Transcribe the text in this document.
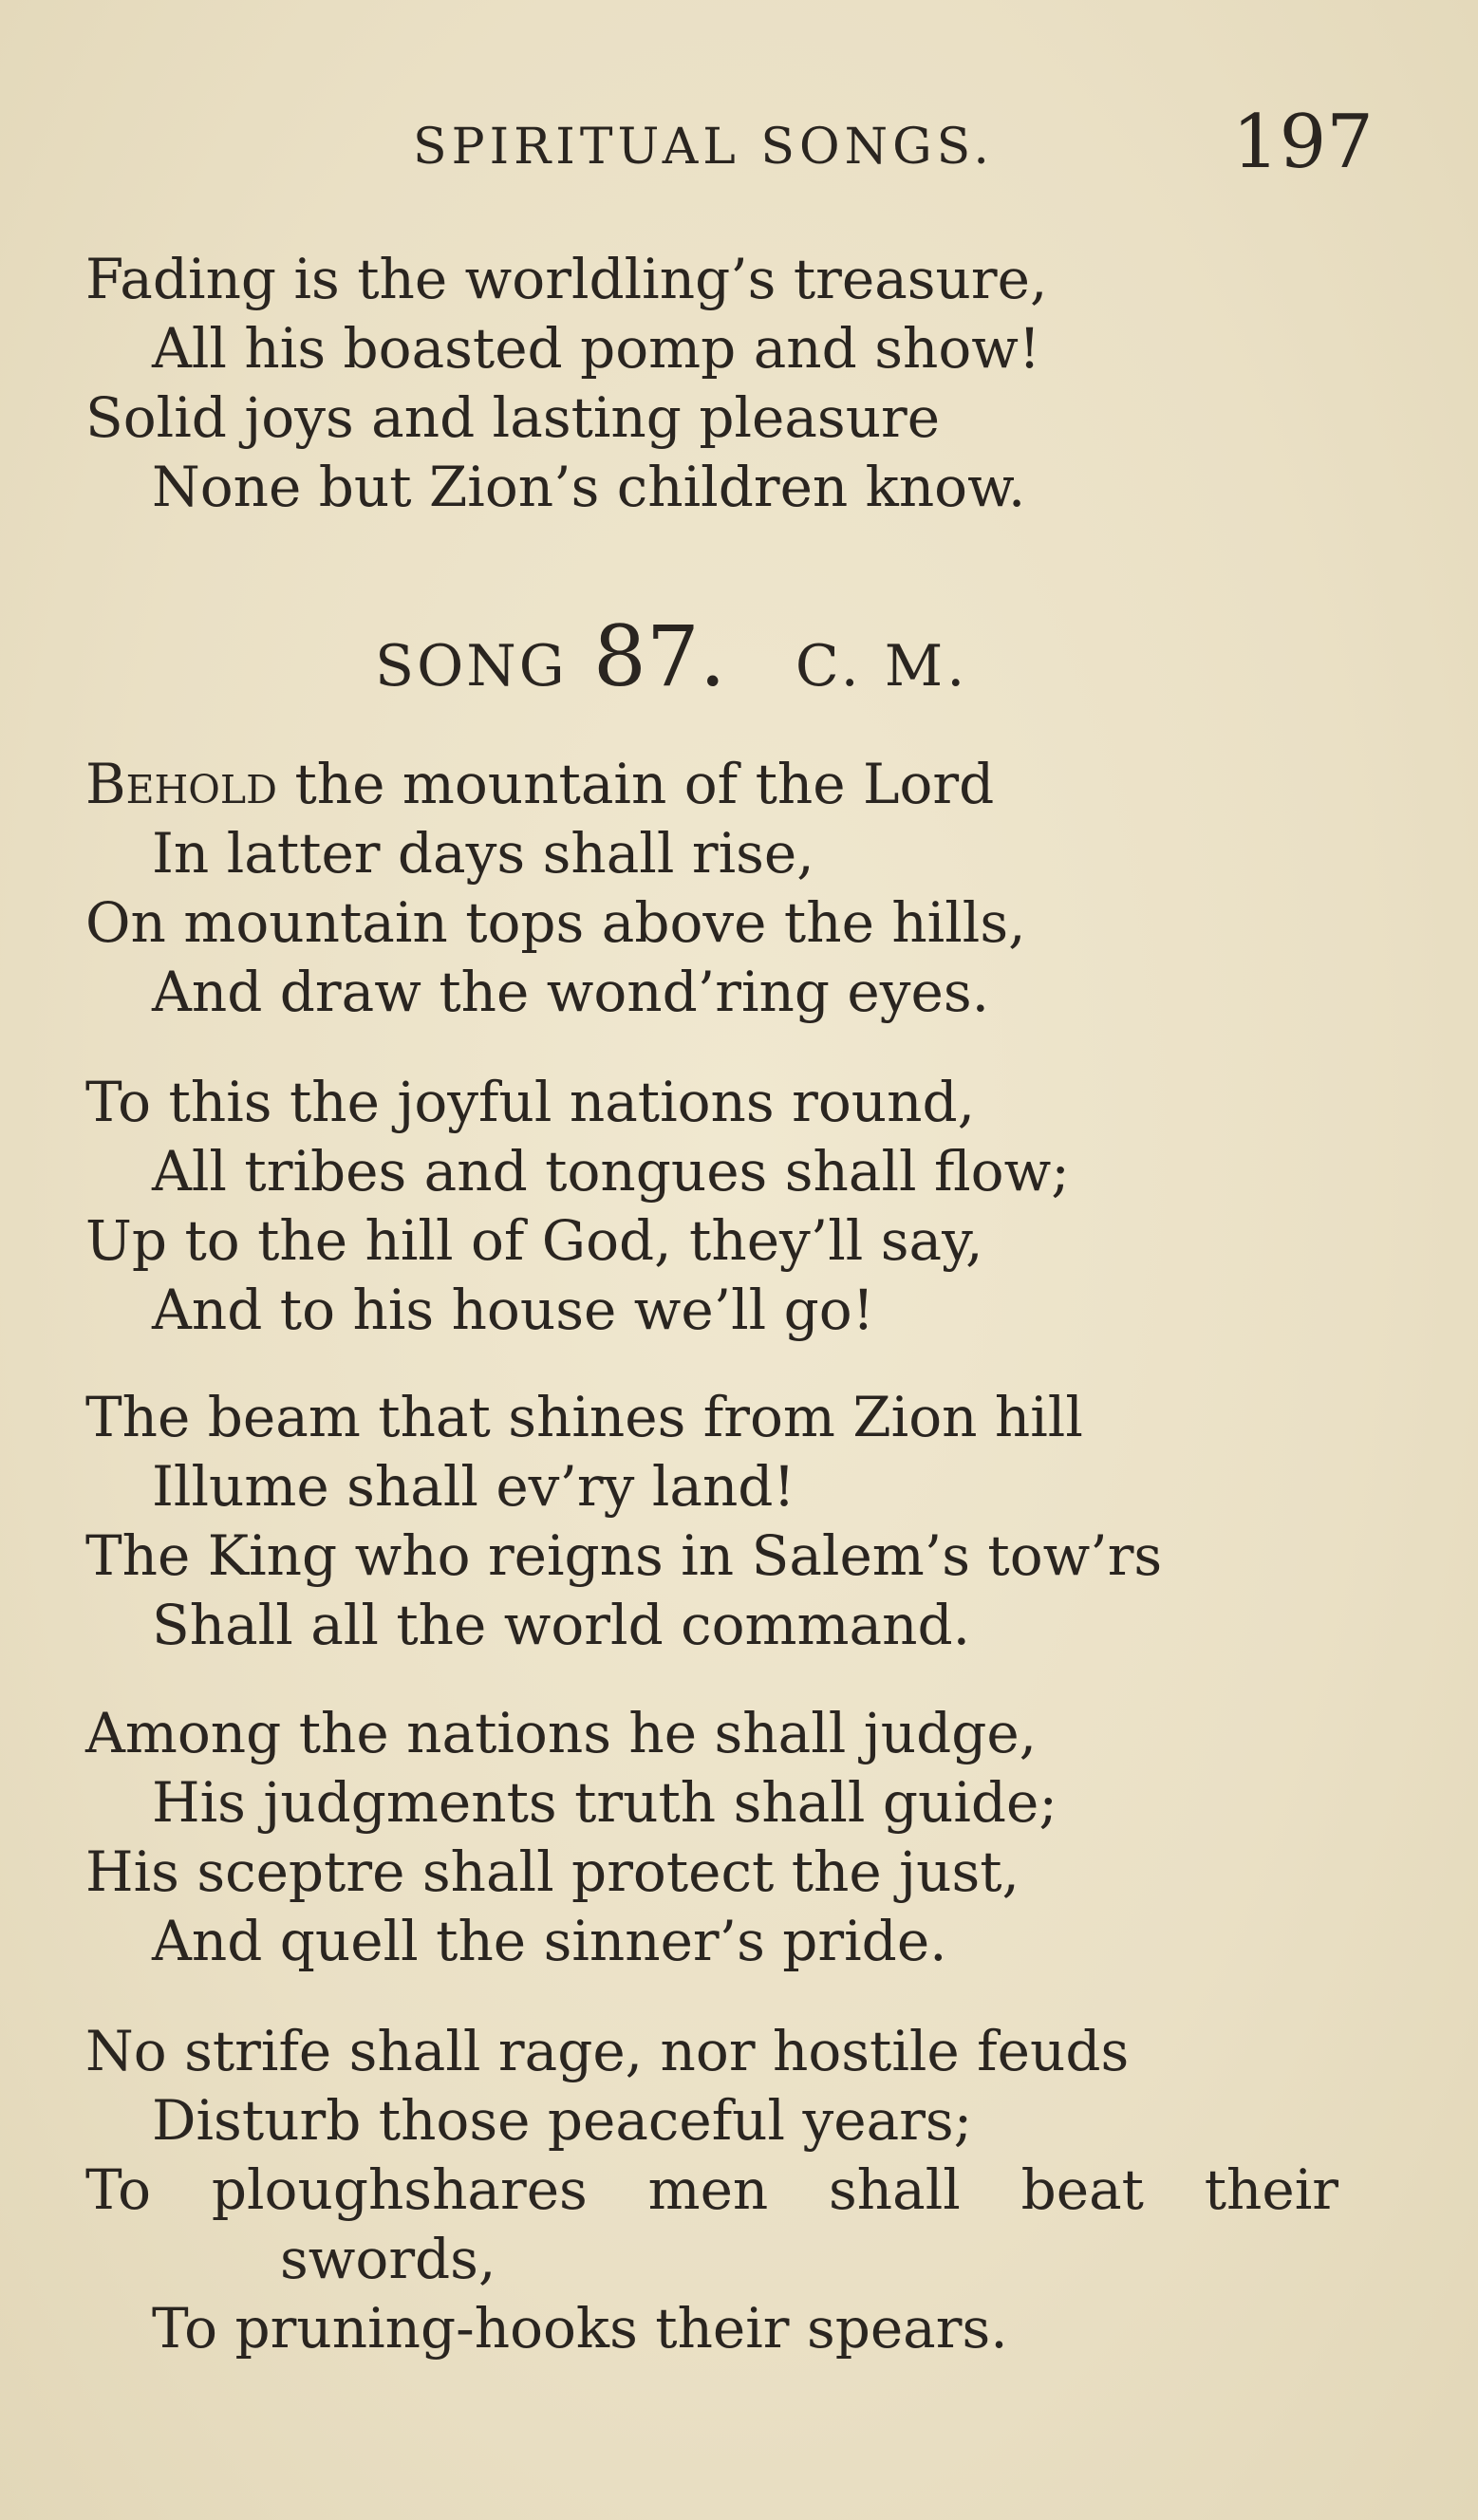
SPIRITUAL SONGS.	197
Fading is the worldling’s treasure,
All his boasted pomp and show!
Solid joys and lasting pleasure
None but Zion’s children know.
SONG 87. C. M.
Behold the mountain of the Lord
In latter days shall rise,
On mountain tops above the hills,
And draw the wond’ring eyes.
To this the joyful nations round,
All tribes and tongues shall flow;
Up to the hill of God, they’ll say,
And to his house we’ll go!
The beam that shines from Zion hill
Illume shall ev’ry land!
The King who reigns in Salem’s tow’rs
Shall all the world command.
Among the nations he shall judge,
His judgments truth shall guide;
His sceptre shall protect the just,
And quell the sinner’s pride.
No strife shall rage, nor hostile feuds
Disturb those peaceful years;
To ploughshares men shall beat their
swords,
To pruning-hooks their spears.
